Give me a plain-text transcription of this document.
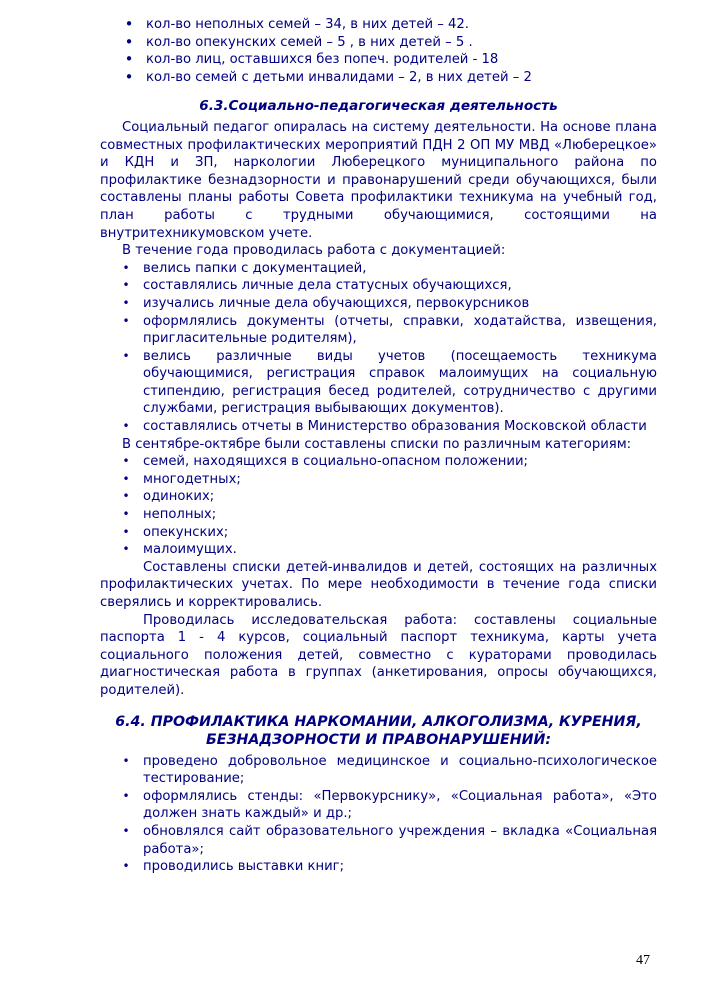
• кол-во неполных семей – 34, в них детей – 42.
• кол-во опекунских семей – 5 , в них детей – 5 .
• кол-во лиц, оставшихся без попеч. родителей - 18
• кол-во семей с детьми инвалидами – 2, в них детей – 2
6.3.Социально-педагогическая деятельность

Социальный педагог опиралась на систему деятельности. На основе плана совместных профилактических мероприятий ПДН 2 ОП МУ МВД «Люберецкое» и КДН и ЗП, наркологии Люберецкого муниципального района по профилактике безнадзорности и правонарушений среди обучающихся, были составлены планы работы Совета профилактики техникума на учебный год, план работы с трудными обучающимися, состоящими на внутритехникумовском учете.

В течение года проводилась работа с документацией:

• велись папки с документацией,
• составлялись личные дела статусных обучающихся,
• изучались личные дела обучающихся, первокурсников
• оформлялись документы (отчеты, справки, ходатайства, извещения, пригласительные родителям),
• велись различные виды учетов (посещаемость техникума обучающимися, регистрация справок малоимущих на социальную стипендию, регистрация бесед родителей, сотрудничество с другими службами, регистрация выбывающих документов).
• составлялись отчеты в Министерство образования Московской области

В сентябре-октябре были составлены списки по различным категориям:

• семей, находящихся в социально-опасном положении;
• многодетных;
• одиноких;
• неполных;
• опекунских;
• малоимущих.

Составлены списки детей-инвалидов и детей, состоящих на различных профилактических учетах. По мере необходимости в течение года списки сверялись и корректировались.

Проводилась исследовательская работа: составлены социальные паспорта 1 - 4 курсов, социальный паспорт техникума, карты учета социального положения детей, совместно с кураторами проводилась диагностическая работа в группах (анкетирования, опросы обучающихся, родителей).

6.4. ПРОФИЛАКТИКА НАРКОМАНИИ, АЛКОГОЛИЗМА, КУРЕНИЯ,
БЕЗНАДЗОРНОСТИ И ПРАВОНАРУШЕНИЙ:
• проведено добровольное медицинское и социально-психологическое тестирование;
• оформлялись стенды: «Первокурснику», «Социальная работа», «Это должен знать каждый» и др.;
• обновлялся сайт образовательного учреждения – вкладка «Социальная работа»;
• проводились выставки книг;
47
